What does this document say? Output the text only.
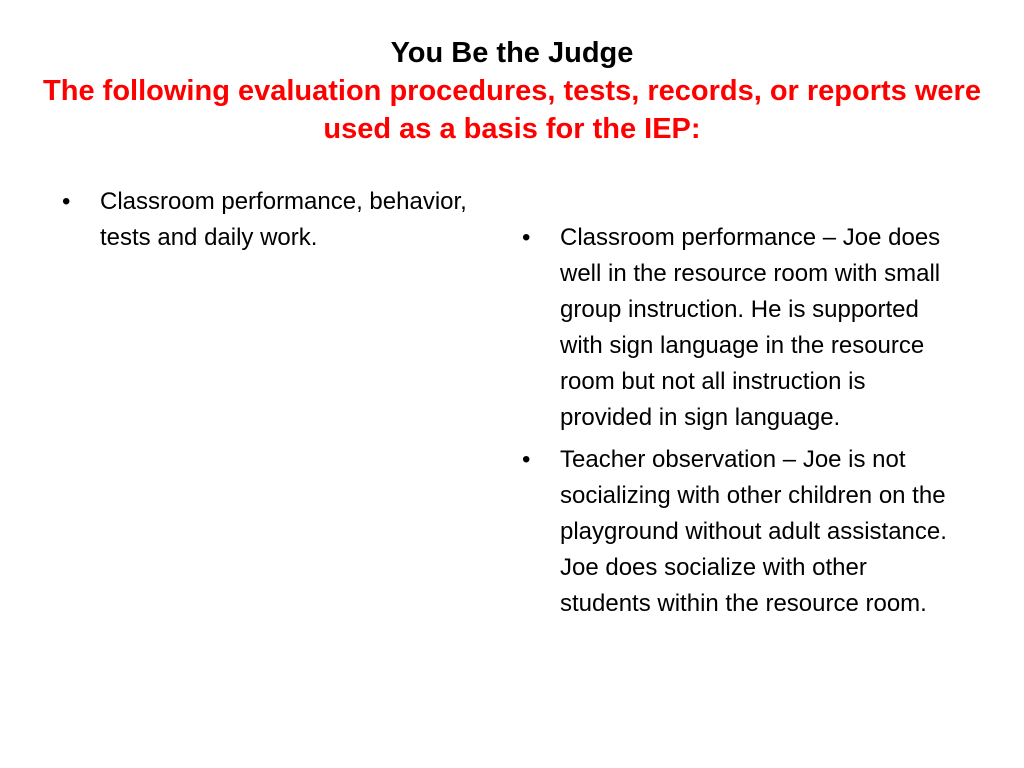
You Be the Judge
The following evaluation procedures, tests, records, or reports were used as a basis for the IEP:
• Classroom performance, behavior, tests and daily work.	• Classroom performance – Joe does well in the resource room with small group instruction. He is supported with sign language in the resource room but not all instruction is provided in sign language.
• Teacher observation – Joe is not socializing with other children on the playground without adult assistance. Joe does socialize with other students within the resource room.
